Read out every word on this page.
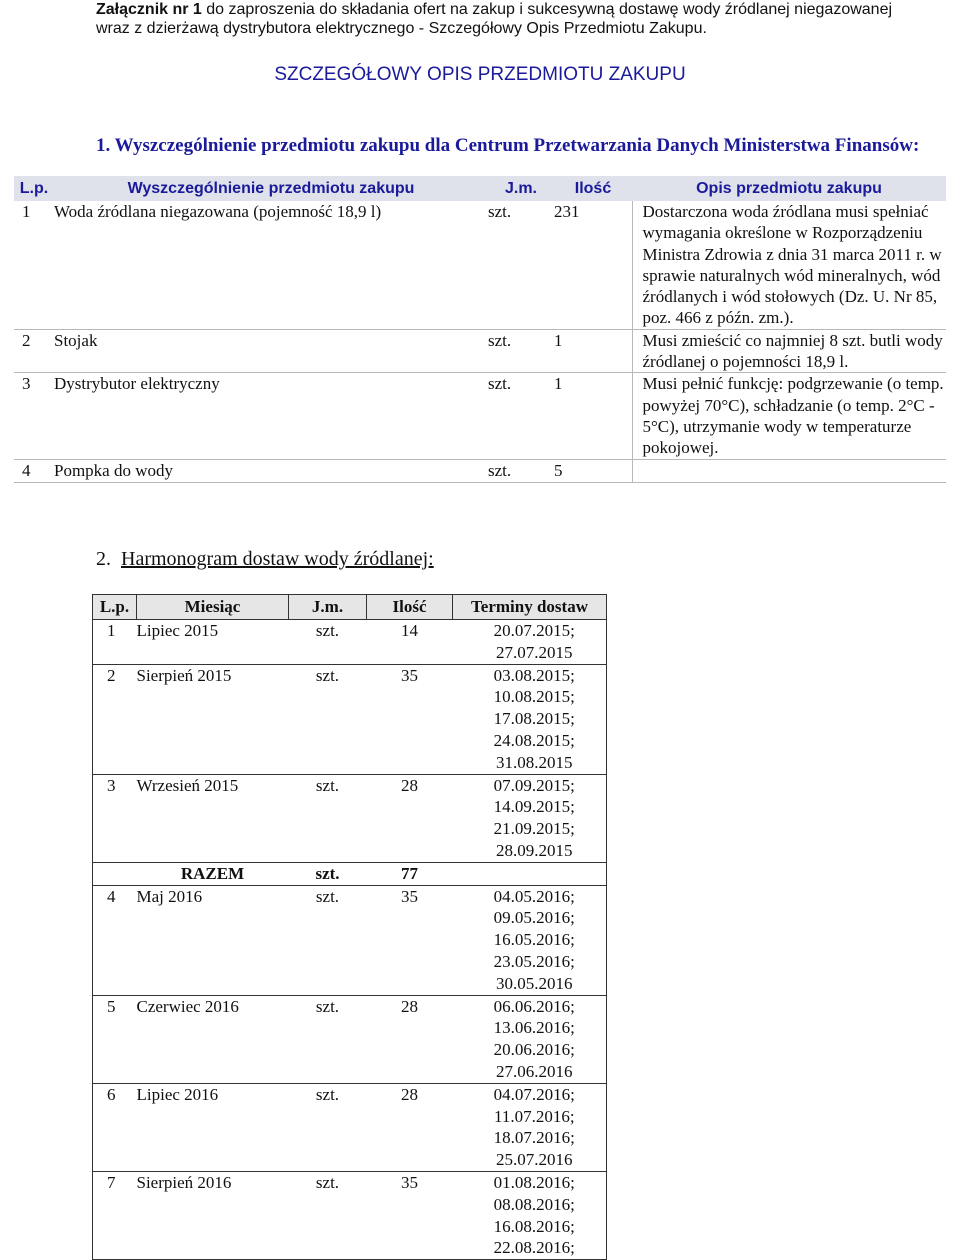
Załącznik nr 1 do zaproszenia do składania ofert na zakup i sukcesywną dostawę wody źródlanej niegazowanej wraz z dzierżawą dystrybutora elektrycznego - Szczegółowy Opis Przedmiotu Zakupu.
SZCZEGÓŁOWY OPIS PRZEDMIOTU ZAKUPU
1. Wyszczególnienie przedmiotu zakupu dla Centrum Przetwarzania Danych Ministerstwa Finansów:
L.p.	Wyszczególnienie przedmiotu zakupu	J.m.	Ilość	Opis przedmiotu zakupu
1	Woda źródlana niegazowana (pojemność 18,9 l)	szt.	231	Dostarczona woda źródlana musi spełniać wymagania określone w Rozporządzeniu Ministra Zdrowia z dnia 31 marca 2011 r. w sprawie naturalnych wód mineralnych, wód źródlanych i wód stołowych (Dz. U. Nr 85, poz. 466 z późn. zm.).
2	Stojak	szt.	1	Musi zmieścić co najmniej 8 szt. butli wody źródlanej o pojemności 18,9 l.
3	Dystrybutor elektryczny	szt.	1	Musi pełnić funkcję: podgrzewanie (o temp. powyżej 70°C), schładzanie (o temp. 2°C - 5°C), utrzymanie wody w temperaturze pokojowej.
4	Pompka do wody	szt.	5	
2. Harmonogram dostaw wody źródlanej:
L.p.	Miesiąc	J.m.	Ilość	Terminy dostaw
1	Lipiec 2015	szt.	14	20.07.2015; 27.07.2015
2	Sierpień 2015	szt.	35	03.08.2015; 10.08.2015; 17.08.2015; 24.08.2015; 31.08.2015
3	Wrzesień 2015	szt.	28	07.09.2015; 14.09.2015; 21.09.2015; 28.09.2015
	RAZEM	szt.	77	
4	Maj 2016	szt.	35	04.05.2016; 09.05.2016; 16.05.2016; 23.05.2016; 30.05.2016
5	Czerwiec 2016	szt.	28	06.06.2016; 13.06.2016; 20.06.2016; 27.06.2016
6	Lipiec 2016	szt.	28	04.07.2016; 11.07.2016; 18.07.2016; 25.07.2016
7	Sierpień 2016	szt.	35	01.08.2016; 08.08.2016; 16.08.2016; 22.08.2016;
